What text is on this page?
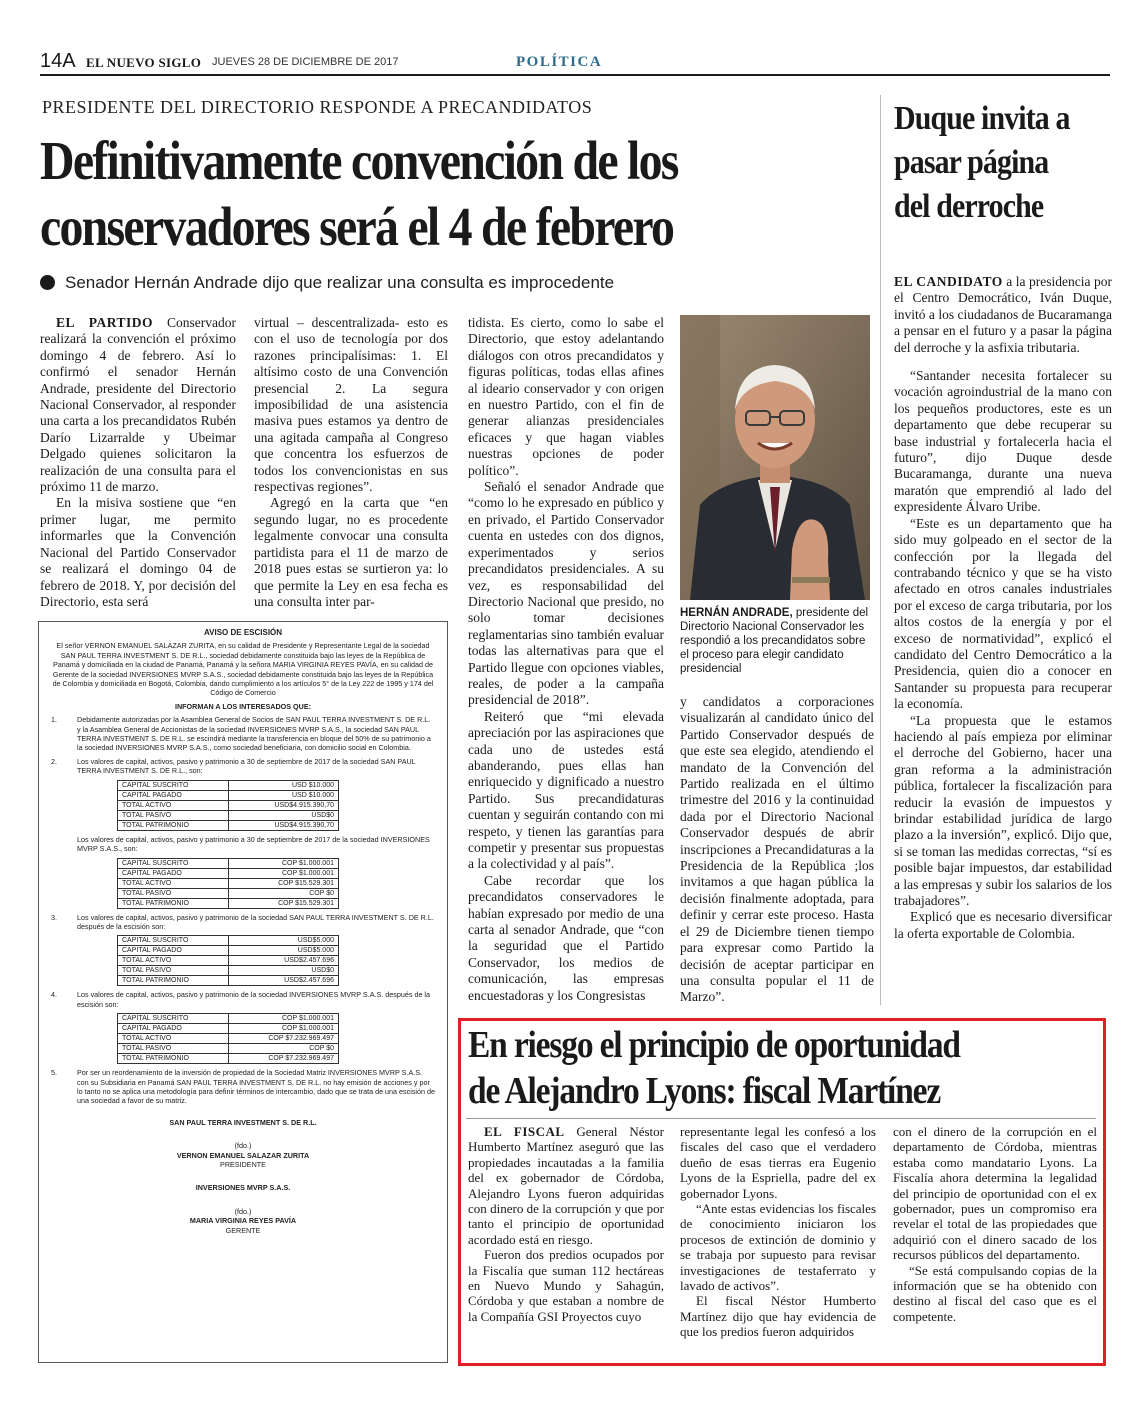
14A EL NUEVO SIGLO JUEVES 28 DE DICIEMBRE DE 2017	POLÍTICA
PRESIDENTE DEL DIRECTORIO RESPONDE A PRECANDIDATOS
Definitivamente convención de los
conservadores será el 4 de febrero
Senador Hernán Andrade dijo que realizar una consulta es improcedente

EL PARTIDO Conservador realizará la convención el próximo domingo 4 de febrero. Así lo confirmó el senador Hernán Andrade, presidente del Directorio Nacional Conservador, al responder una carta a los precandidatos Rubén Darío Lizarralde y Ubeimar Delgado quienes solicitaron la realización de una consulta para el próximo 11 de marzo.

En la misiva sostiene que “en primer lugar, me permito informarles que la Convención Nacional del Partido Conservador se realizará el domingo 04 de febrero de 2018. Y, por decisión del Directorio, esta será

virtual – descentralizada- esto es con el uso de tecnología por dos razones principalísimas: 1. El altísimo costo de una Convención presencial 2. La segura imposibilidad de una asistencia masiva pues estamos ya dentro de una agitada campaña al Congreso que concentra los esfuerzos de todos los convencionistas en sus respectivas regiones”.

Agregó en la carta que “en segundo lugar, no es procedente legalmente convocar una consulta partidista para el 11 de marzo de 2018 pues estas se surtieron ya: lo que permite la Ley en esa fecha es una consulta inter par-

tidista. Es cierto, como lo sabe el Directorio, que estoy adelantando diálogos con otros precandidatos y figuras políticas, todas ellas afines al ideario conservador y con origen en nuestro Partido, con el fin de generar alianzas presidenciales eficaces y que hagan viables nuestras opciones de poder político”.

Señaló el senador Andrade que “como lo he expresado en público y en privado, el Partido Conservador cuenta en ustedes con dos dignos, experimentados y serios precandidatos presidenciales. A su vez, es responsabilidad del Directorio Nacional que presido, no solo tomar decisiones reglamentarias sino también evaluar todas las alternativas para que el Partido llegue con opciones viables, reales, de poder a la campaña presidencial de 2018”.

Reiteró que “mi elevada apreciación por las aspiraciones que cada uno de ustedes está abanderando, pues ellas han enriquecido y dignificado a nuestro Partido. Sus precandidaturas cuentan y seguirán contando con mi respeto, y tienen las garantías para competir y presentar sus propuestas a la colectividad y al país”.

Cabe recordar que los precandidatos conservadores le habían expresado por medio de una carta al senador Andrade, que “con la seguridad que el Partido Conservador, los medios de comunicación, las empresas encuestadoras y los Congresistas

HERNÁN ANDRADE, presidente del Directorio Nacional Conservador les respondió a los precandidatos sobre el proceso para elegir candidato presidencial

y candidatos a corporaciones visualizarán al candidato único del Partido Conservador después de que este sea elegido, atendiendo el mandato de la Convención del Partido realizada en el último trimestre del 2016 y la continuidad dada por el Directorio Nacional Conservador después de abrir inscripciones a Precandidaturas a la Presidencia de la República ;los invitamos a que hagan pública la decisión finalmente adoptada, para definir y cerrar este proceso. Hasta el 29 de Diciembre tienen tiempo para expresar como Partido la decisión de aceptar participar en una consulta popular el 11 de Marzo”.

Duque invita a pasar página del derroche

EL CANDIDATO a la presidencia por el Centro Democrático, Iván Duque, invitó a los ciudadanos de Bucaramanga a pensar en el futuro y a pasar la página del derroche y la asfixia tributaria.

“Santander necesita fortalecer su vocación agroindustrial de la mano con los pequeños productores, este es un departamento que debe recuperar su base industrial y fortalecerla hacia el futuro”, dijo Duque desde Bucaramanga, durante una nueva maratón que emprendió al lado del expresidente Álvaro Uribe.

“Este es un departamento que ha sido muy golpeado en el sector de la confección por la llegada del contrabando técnico y que se ha visto afectado en otros canales industriales por el exceso de carga tributaria, por los altos costos de la energía y por el exceso de normatividad”, explicó el candidato del Centro Democrático a la Presidencia, quien dio a conocer en Santander su propuesta para recuperar la economía.

“La propuesta que le estamos haciendo al país empieza por eliminar el derroche del Gobierno, hacer una gran reforma a la administración pública, fortalecer la fiscalización para reducir la evasión de impuestos y brindar estabilidad jurídica de largo plazo a la inversión”, explicó. Dijo que, si se toman las medidas correctas, “sí es posible bajar impuestos, dar estabilidad a las empresas y subir los salarios de los trabajadores”.

Explicó que es necesario diversificar la oferta exportable de Colombia.

AVISO DE ESCISIÓN
El señor VERNON EMANUEL SALAZAR ZURITA, en su calidad de Presidente y Representante Legal de la sociedad SAN PAUL TERRA INVESTMENT S. DE R.L., sociedad debidamente constituida bajo las leyes de la República de Panamá y domiciliada en la ciudad de Panamá, Panamá y la señora MARIA VIRGINIA REYES PAVÍA, en su calidad de Gerente de la sociedad INVERSIONES MVRP S.A.S., sociedad debidamente constituida bajo las leyes de la República de Colombia y domiciliada en Bogotá, Colombia, dando cumplimiento a los artículos 5° de la Ley 222 de 1995 y 174 del Código de Comercio
INFORMAN A LOS INTERESADOS QUE:
1.	Debidamente autorizadas por la Asamblea General de Socios de SAN PAUL TERRA INVESTMENT S. DE R.L. y la Asamblea General de Accionistas de la sociedad INVERSIONES MVRP S.A.S., la sociedad SAN PAUL TERRA INVESTMENT S. DE R.L. se escindirá mediante la transferencia en bloque del 50% de su patrimonio a la sociedad INVERSIONES MVRP S.A.S., como sociedad beneficiaria, con domicilio social en Colombia.
2.	Los valores de capital, activos, pasivo y patrimonio a 30 de septiembre de 2017 de la sociedad SAN PAUL TERRA INVESTMENT S. DE R.L., son:
CAPITAL SUSCRITO	USD $10.000
CAPITAL PAGADO	USD $10.000
TOTAL ACTIVO	USD$4.915.390,70
TOTAL PASIVO	USD$0
TOTAL PATRIMONIO	USD$4.915.390,70
Los valores de capital, activos, pasivo y patrimonio a 30 de septiembre de 2017 de la sociedad INVERSIONES MVRP S.A.S., son:
CAPITAL SUSCRITO	COP $1.000.001
CAPITAL PAGADO	COP $1.000.001
TOTAL ACTIVO	COP $15.529.301
TOTAL PASIVO	COP $0
TOTAL PATRIMONIO	COP $15.529.301
3.	Los valores de capital, activos, pasivo y patrimonio de la sociedad SAN PAUL TERRA INVESTMENT S. DE R.L. después de la escisión son:
CAPITAL SUSCRITO	USD$5.000
CAPITAL PAGADO	USD$5.000
TOTAL ACTIVO	USD$2.457.696
TOTAL PASIVO	USD$0
TOTAL PATRIMONIO	USD$2.457.696
4.	Los valores de capital, activos, pasivo y patrimonio de la sociedad INVERSIONES MVRP S.A.S. después de la escisión son:
CAPITAL SUSCRITO	COP $1.000.001
CAPITAL PAGADO	COP $1.000.001
TOTAL ACTIVO	COP $7.232.969.497
TOTAL PASIVO	COP $0
TOTAL PATRIMONIO	COP $7.232.969.497
5.	Por ser un reordenamiento de la inversión de propiedad de la Sociedad Matriz INVERSIONES MVRP S.A.S. con su Subsidiaria en Panamá SAN PAUL TERRA INVESTMENT S. DE R.L. no hay emisión de acciones y por lo tanto no se aplica una metodología para definir términos de intercambio, dado que se trata de una escisión de una sociedad a favor de su matriz.
SAN PAUL TERRA INVESTMENT S. DE R.L.
(fdo.)
VERNON EMANUEL SALAZAR ZURITA
PRESIDENTE
INVERSIONES MVRP S.A.S.
(fdo.)
MARIA VIRGINIA REYES PAVÍA
GERENTE
En riesgo el principio de oportunidad
de Alejandro Lyons: fiscal Martínez

EL FISCAL General Néstor Humberto Martínez aseguró que las propiedades incautadas a la familia del ex gobernador de Córdoba, Alejandro Lyons fueron adquiridas con dinero de la corrupción y que por tanto el principio de oportunidad acordado está en riesgo.

Fueron dos predios ocupados por la Fiscalía que suman 112 hectáreas en Nuevo Mundo y Sahagún, Córdoba y que estaban a nombre de la Compañía GSI Proyectos cuyo

representante legal les confesó a los fiscales del caso que el verdadero dueño de esas tierras era Eugenio Lyons de la Espriella, padre del ex gobernador Lyons.

“Ante estas evidencias los fiscales de conocimiento iniciaron los procesos de extinción de dominio y se trabaja por supuesto para revisar investigaciones de testaferrato y lavado de activos”.

El fiscal Néstor Humberto Martínez dijo que hay evidencia de que los predios fueron adquiridos

con el dinero de la corrupción en el departamento de Córdoba, mientras estaba como mandatario Lyons. La Fiscalía ahora determina la legalidad del principio de oportunidad con el ex gobernador, pues un compromiso era revelar el total de las propiedades que adquirió con el dinero sacado de los recursos públicos del departamento.

“Se está compulsando copias de la información que se ha obtenido con destino al fiscal del caso que es el competente.
